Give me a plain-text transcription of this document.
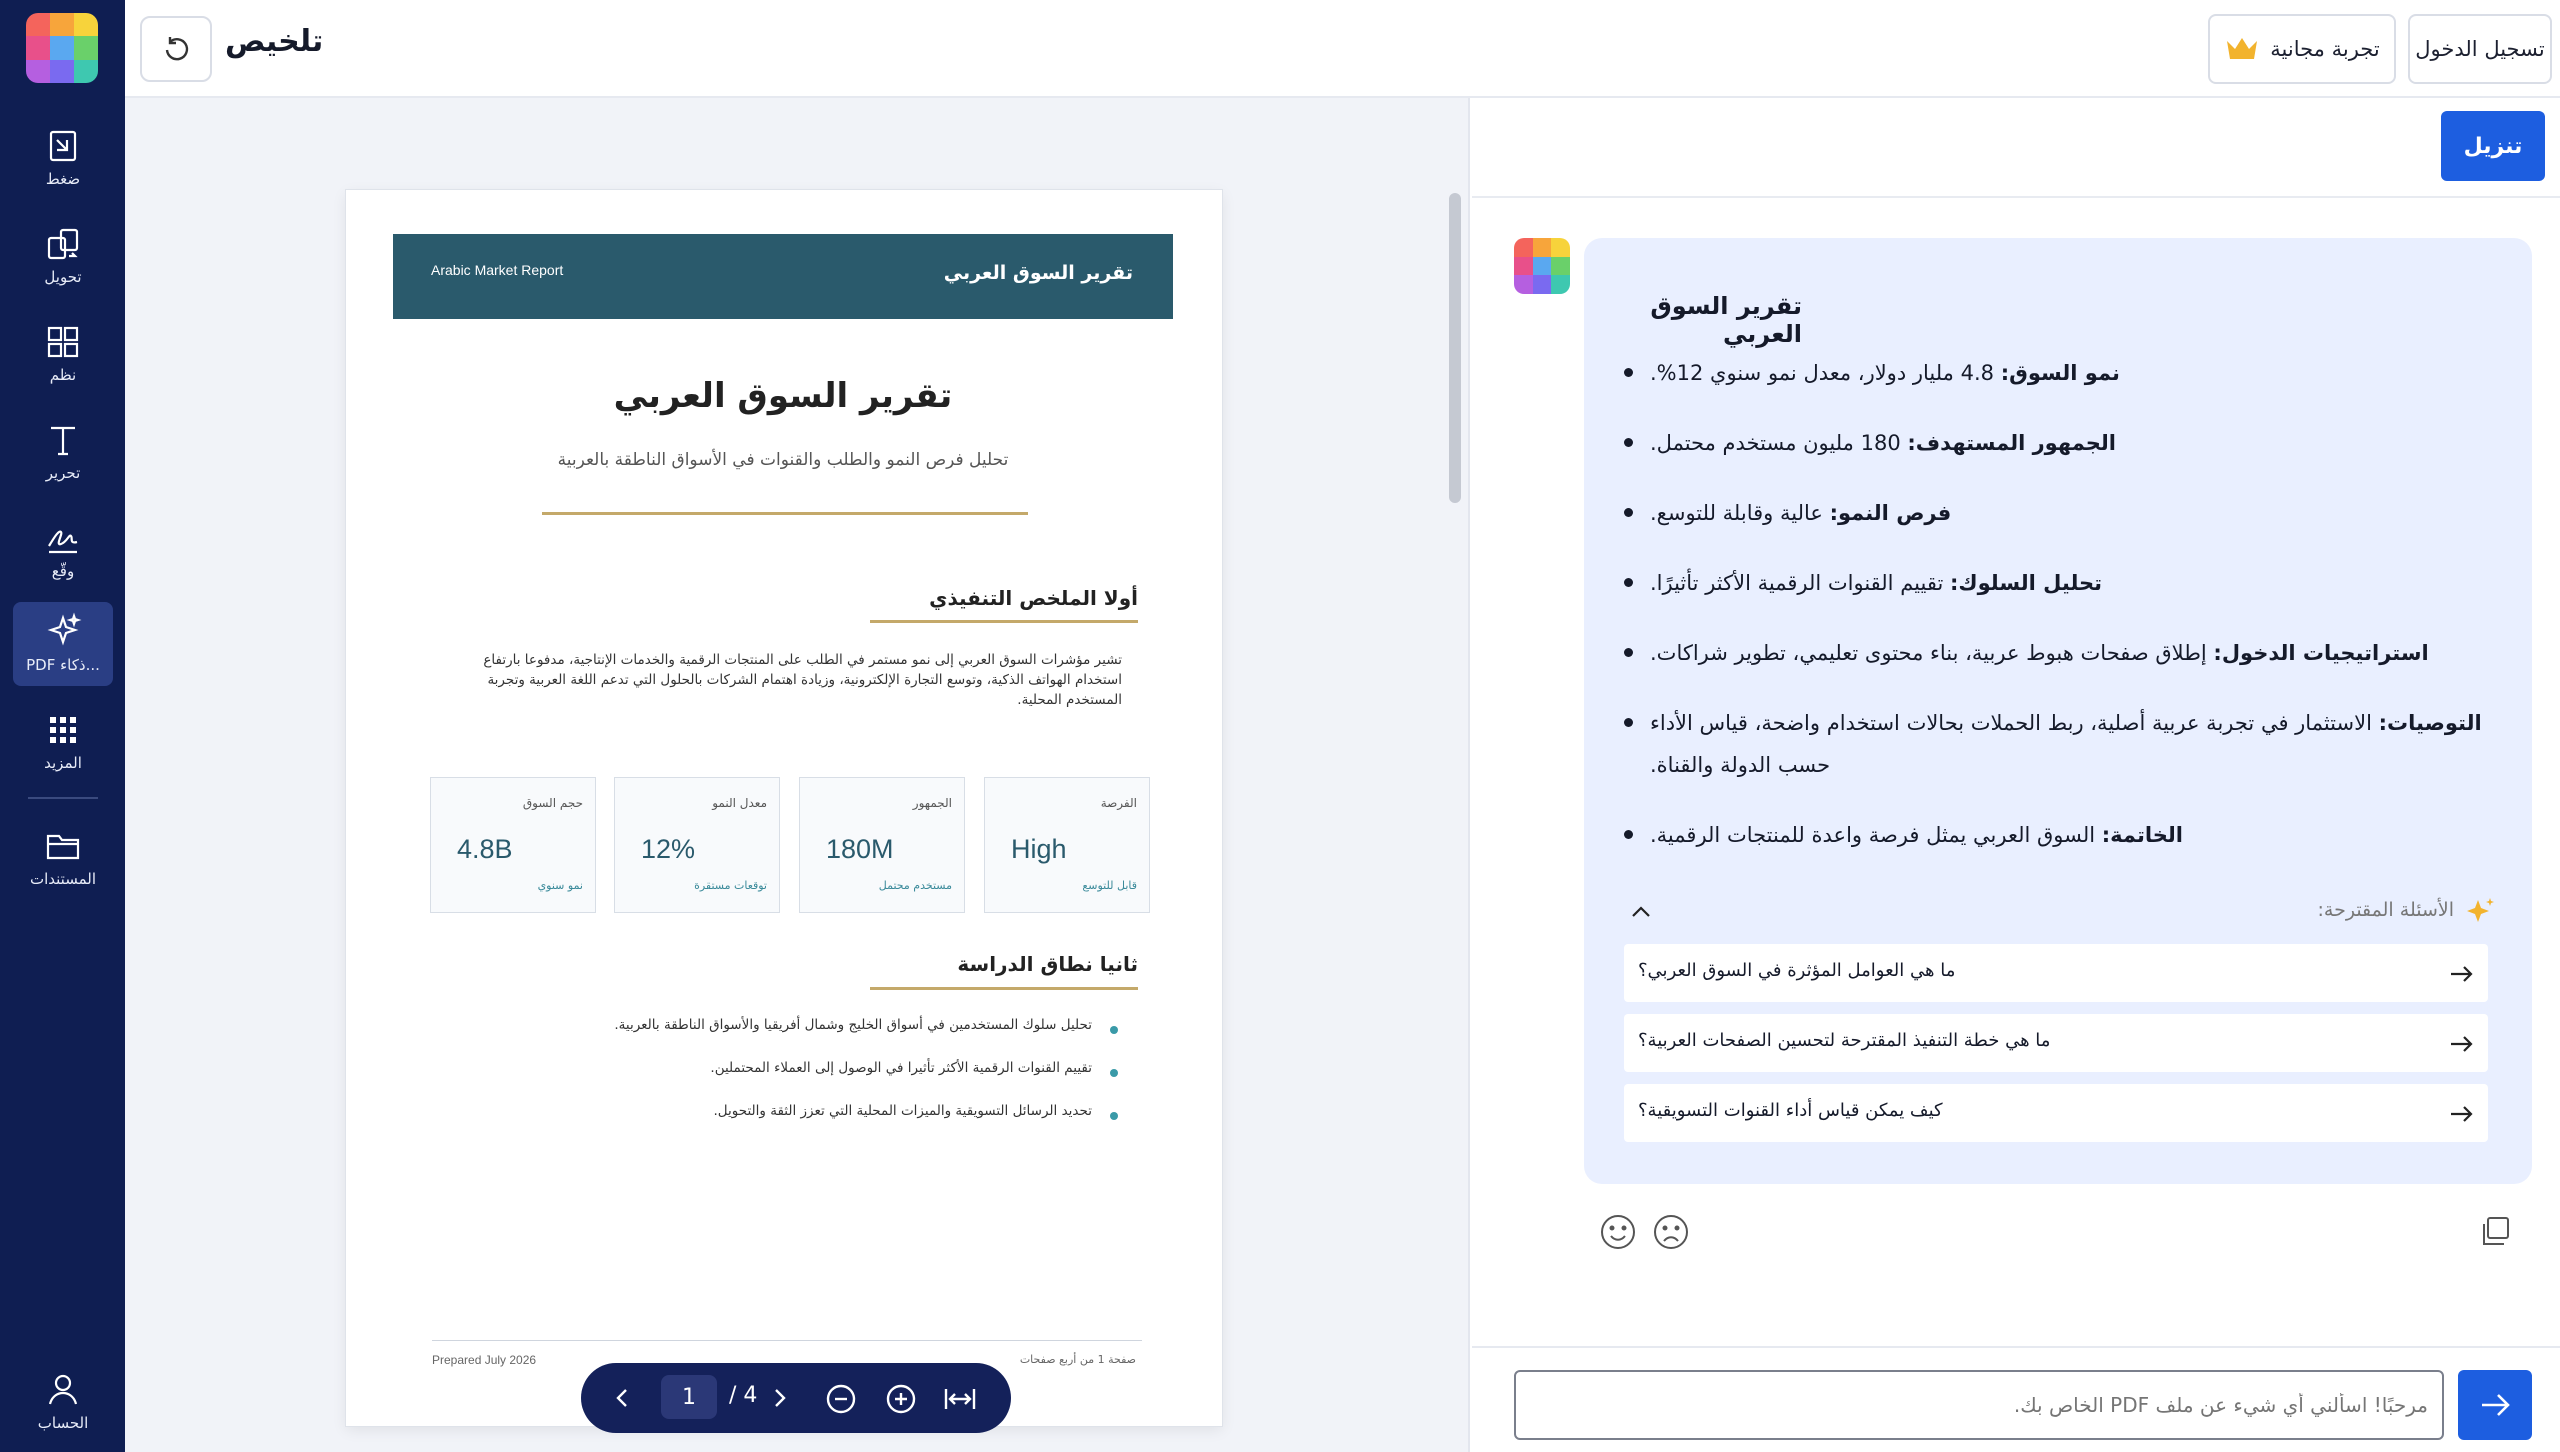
ضغط
تحويل
نظم
تحرير
وقّع
PDF ذكاء...
المزيد
المستندات
الحساب
تلخيص	تجربة مجانية تسجيل الدخول
تقرير السوق العربي
Arabic Market Report
تقرير السوق العربي
تحليل فرص النمو والطلب والقنوات في الأسواق الناطقة بالعربية
أولا الملخص التنفيذي
تشير مؤشرات السوق العربي إلى نمو مستمر في الطلب على المنتجات الرقمية والخدمات الإنتاجية، مدفوعا بارتفاع استخدام الهواتف الذكية، وتوسع التجارة الإلكترونية، وزيادة اهتمام الشركات بالحلول التي تدعم اللغة العربية وتجربة المستخدم المحلية.
الفرصة
High
قابل للتوسع
الجمهور
180M
مستخدم محتمل
معدل النمو
12%
توقعات مستقرة
حجم السوق
4.8B
نمو سنوي
ثانيا نطاق الدراسة
تحليل سلوك المستخدمين في أسواق الخليج وشمال أفريقيا والأسواق الناطقة بالعربية.
تقييم القنوات الرقمية الأكثر تأثيرا في الوصول إلى العملاء المحتملين.
تحديد الرسائل التسويقية والميزات المحلية التي تعزز الثقة والتحويل.
Prepared July 2026	صفحة 1 من أربع صفحات
1	/ 4
تنزيل
تقرير السوق العربي
نمو السوق: 4.8 مليار دولار، معدل نمو سنوي 12%.
الجمهور المستهدف: 180 مليون مستخدم محتمل.
فرص النمو: عالية وقابلة للتوسع.
تحليل السلوك: تقييم القنوات الرقمية الأكثر تأثيرًا.
استراتيجيات الدخول: إطلاق صفحات هبوط عربية، بناء محتوى تعليمي، تطوير شراكات.
التوصيات: الاستثمار في تجربة عربية أصلية، ربط الحملات بحالات استخدام واضحة، قياس الأداء حسب الدولة والقناة.
الخاتمة: السوق العربي يمثل فرصة واعدة للمنتجات الرقمية.
الأسئلة المقترحة:
ما هي العوامل المؤثرة في السوق العربي؟
ما هي خطة التنفيذ المقترحة لتحسين الصفحات العربية؟
كيف يمكن قياس أداء القنوات التسويقية؟
مرحبًا! اسألني أي شيء عن ملف PDF الخاص بك.
